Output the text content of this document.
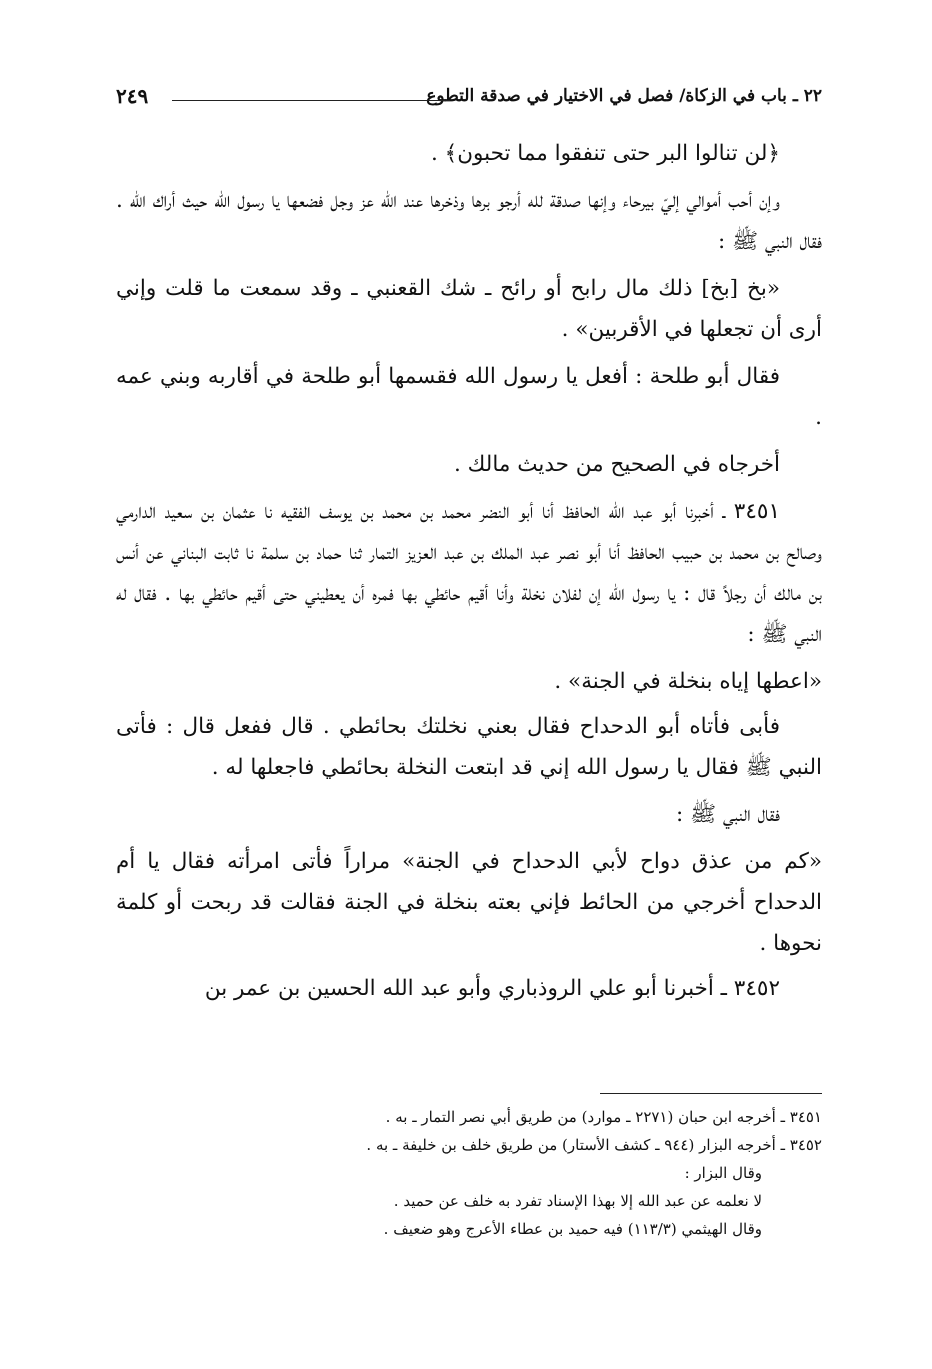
٢٢ ـ باب في الزكاة/ فصل في الاختيار في صدقة التطوع
٢٤٩

﴿لن تنالوا البر حتى تنفقوا مما تحبون﴾ .

وإن أحب أموالي إليّ بيرحاء وإنها صدقة لله أرجو برها وذخرها عند الله عز وجل فضعها يا رسول الله حيث أراك الله . فقال النبي ﷺ :

«بخ [بخ] ذلك مال رابح أو رائح ـ شك القعنبي ـ وقد سمعت ما قلت وإني أرى أن تجعلها في الأقربين» .

فقال أبو طلحة : أفعل يا رسول الله فقسمها أبو طلحة في أقاربه وبني عمه .

أخرجاه في الصحيح من حديث مالك .

٣٤٥١ ـ أخبرنا أبو عبد الله الحافظ أنا أبو النضر محمد بن محمد بن يوسف الفقيه نا عثمان بن سعيد الدارمي وصالح بن محمد بن حبيب الحافظ أنا أبو نصر عبد الملك بن عبد العزيز التمار ثنا حماد بن سلمة نا ثابت البناني عن أنس بن مالك أن رجلاً قال : يا رسول الله إن لفلان نخلة وأنا أقيم حائطي بها فمره أن يعطيني حتى أقيم حائطي بها . فقال له النبي ﷺ :

«اعطها إياه بنخلة في الجنة» .

فأبى فأتاه أبو الدحداح فقال بعني نخلتك بحائطي . قال ففعل قال : فأتى النبي ﷺ فقال يا رسول الله إني قد ابتعت النخلة بحائطي فاجعلها له .

فقال النبي ﷺ :

«كم من عذق دواح لأبي الدحداح في الجنة» مراراً فأتى امرأته فقال يا أم الدحداح أخرجي من الحائط فإني بعته بنخلة في الجنة فقالت قد ربحت أو كلمة نحوها .

٣٤٥٢ ـ أخبرنا أبو علي الروذباري وأبو عبد الله الحسين بن عمر بن

٣٤٥١ ـ أخرجه ابن حبان (٢٢٧١ ـ موارد) من طريق أبي نصر التمار ـ به .

٣٤٥٢ ـ أخرجه البزار (٩٤٤ ـ كشف الأستار) من طريق خلف بن خليفة ـ به .

وقال البزار :

لا نعلمه عن عبد الله إلا بهذا الإسناد تفرد به خلف عن حميد .

وقال الهيثمي (١١٣/٣) فيه حميد بن عطاء الأعرج وهو ضعيف .
